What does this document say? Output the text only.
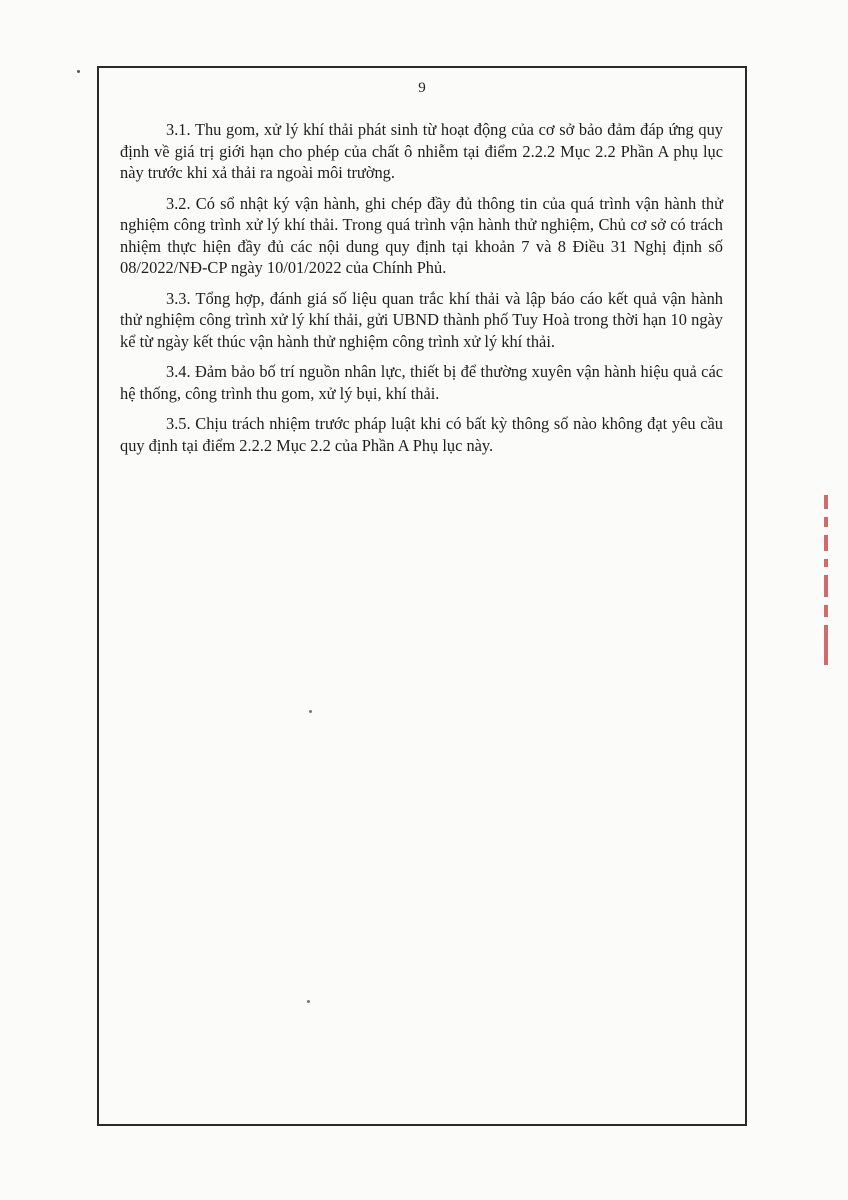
9

3.1. Thu gom, xử lý khí thải phát sinh từ hoạt động của cơ sở bảo đảm đáp ứng quy định về giá trị giới hạn cho phép của chất ô nhiễm tại điểm 2.2.2 Mục 2.2 Phần A phụ lục này trước khi xả thải ra ngoài môi trường.

3.2. Có sổ nhật ký vận hành, ghi chép đầy đủ thông tin của quá trình vận hành thử nghiệm công trình xử lý khí thải. Trong quá trình vận hành thử nghiệm, Chủ cơ sở có trách nhiệm thực hiện đầy đủ các nội dung quy định tại khoản 7 và 8 Điều 31 Nghị định số 08/2022/NĐ-CP ngày 10/01/2022 của Chính Phủ.

3.3. Tổng hợp, đánh giá số liệu quan trắc khí thải và lập báo cáo kết quả vận hành thử nghiệm công trình xử lý khí thải, gửi UBND thành phố Tuy Hoà trong thời hạn 10 ngày kể từ ngày kết thúc vận hành thử nghiệm công trình xử lý khí thải.

3.4. Đảm bảo bố trí nguồn nhân lực, thiết bị để thường xuyên vận hành hiệu quả các hệ thống, công trình thu gom, xử lý bụi, khí thải.

3.5. Chịu trách nhiệm trước pháp luật khi có bất kỳ thông số nào không đạt yêu cầu quy định tại điểm 2.2.2 Mục 2.2 của Phần A Phụ lục này.
